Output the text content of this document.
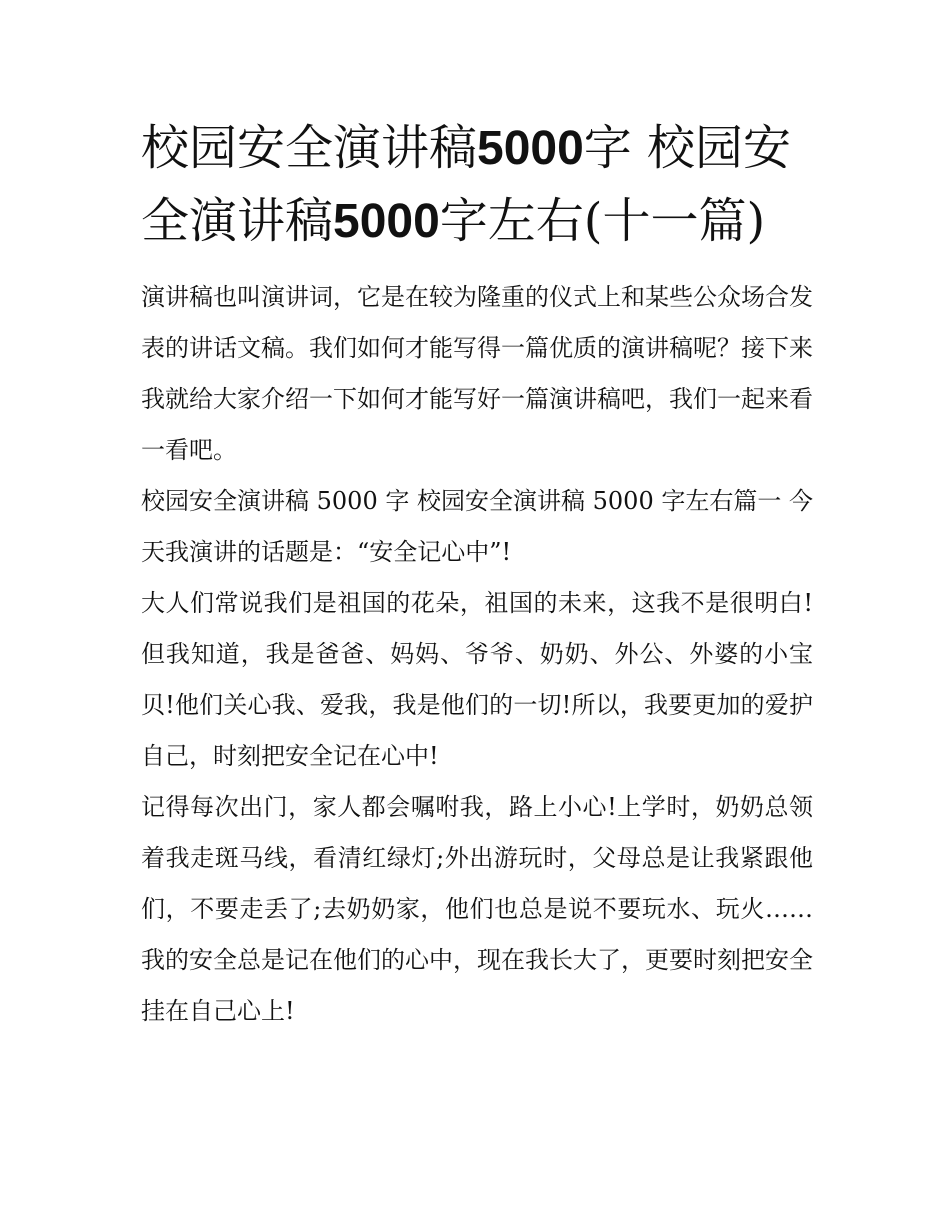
校园安全演讲稿5000字 校园安全演讲稿5000字左右(十一篇)

演讲稿也叫演讲词，它是在较为隆重的仪式上和某些公众场合发表的讲话文稿。我们如何才能写得一篇优质的演讲稿呢？接下来我就给大家介绍一下如何才能写好一篇演讲稿吧，我们一起来看一看吧。

校园安全演讲稿 5000 字 校园安全演讲稿 5000 字左右篇一 今天我演讲的话题是：“安全记心中”!

大人们常说我们是祖国的花朵，祖国的未来，这我不是很明白!但我知道，我是爸爸、妈妈、爷爷、奶奶、外公、外婆的小宝贝!他们关心我、爱我，我是他们的一切!所以，我要更加的爱护自己，时刻把安全记在心中!

记得每次出门，家人都会嘱咐我，路上小心!上学时，奶奶总领着我走斑马线，看清红绿灯;外出游玩时，父母总是让我紧跟他们，不要走丢了;去奶奶家，他们也总是说不要玩水、玩火……我的安全总是记在他们的心中，现在我长大了，更要时刻把安全挂在自己心上!
